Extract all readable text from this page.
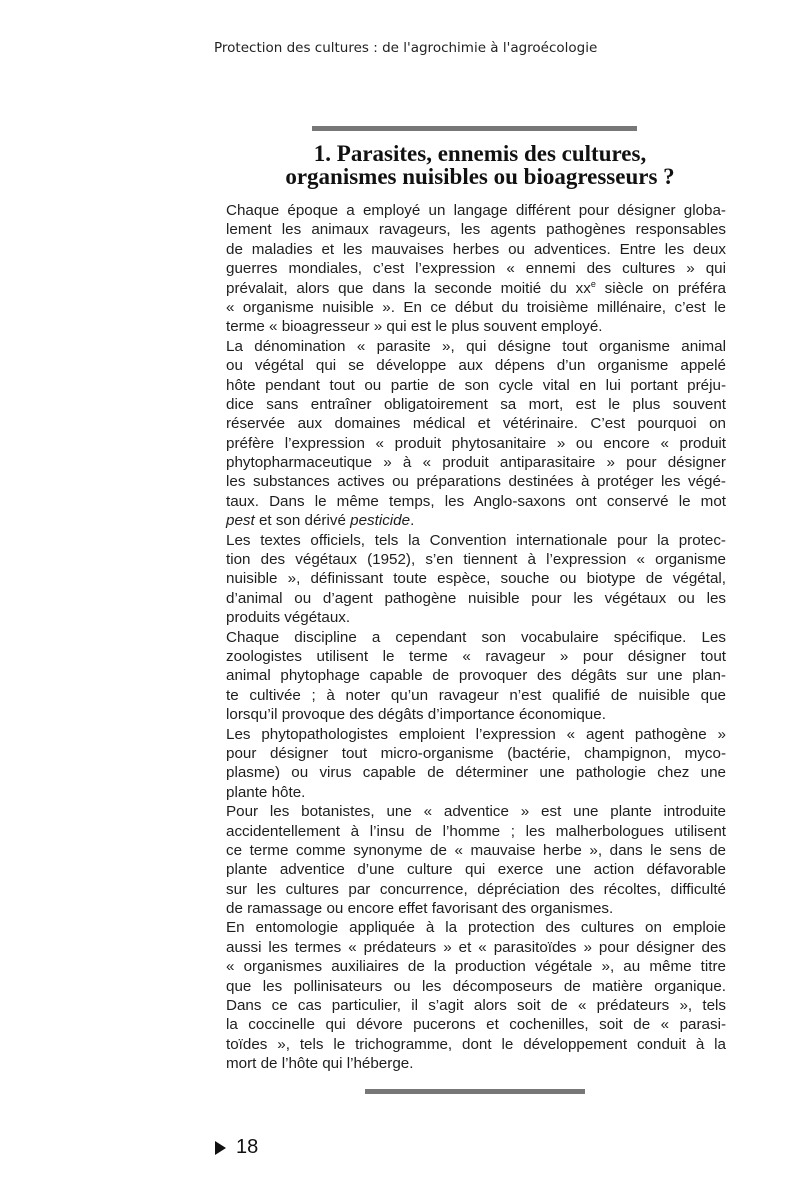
Protection des cultures : de l'agrochimie à l'agroécologie
1. Parasites, ennemis des cultures,
organismes nuisibles ou bioagresseurs ?
Chaque époque a employé un langage différent pour désigner globa-
lement les animaux ravageurs, les agents pathogènes responsables
de maladies et les mauvaises herbes ou adventices. Entre les deux
guerres mondiales, c’est l’expression « ennemi des cultures » qui
prévalait, alors que dans la seconde moitié du $xx^e$ siècle on préféra
« organisme nuisible ». En ce début du troisième millénaire, c’est le
terme « bioagresseur » qui est le plus souvent employé.
La dénomination « parasite », qui désigne tout organisme animal
ou végétal qui se développe aux dépens d’un organisme appelé
hôte pendant tout ou partie de son cycle vital en lui portant préju-
dice sans entraîner obligatoirement sa mort, est le plus souvent
réservée aux domaines médical et vétérinaire. C’est pourquoi on
préfère l’expression « produit phytosanitaire » ou encore « produit
phytopharmaceutique » à « produit antiparasitaire » pour désigner
les substances actives ou préparations destinées à protéger les végé-
taux. Dans le même temps, les Anglo-saxons ont conservé le mot
pest et son dérivé pesticide.
Les textes officiels, tels la Convention internationale pour la protec-
tion des végétaux (1952), s’en tiennent à l’expression « organisme
nuisible », définissant toute espèce, souche ou biotype de végétal,
d’animal ou d’agent pathogène nuisible pour les végétaux ou les
produits végétaux.
Chaque discipline a cependant son vocabulaire spécifique. Les
zoologistes utilisent le terme « ravageur » pour désigner tout
animal phytophage capable de provoquer des dégâts sur une plan-
te cultivée ; à noter qu’un ravageur n’est qualifié de nuisible que
lorsqu’il provoque des dégâts d’importance économique.
Les phytopathologistes emploient l’expression « agent pathogène »
pour désigner tout micro-organisme (bactérie, champignon, myco-
plasme) ou virus capable de déterminer une pathologie chez une
plante hôte.
Pour les botanistes, une « adventice » est une plante introduite
accidentellement à l’insu de l’homme ; les malherbologues utilisent
ce terme comme synonyme de « mauvaise herbe », dans le sens de
plante adventice d’une culture qui exerce une action défavorable
sur les cultures par concurrence, dépréciation des récoltes, difficulté
de ramassage ou encore effet favorisant des organismes.
En entomologie appliquée à la protection des cultures on emploie
aussi les termes « prédateurs » et « parasitoïdes » pour désigner des
« organismes auxiliaires de la production végétale », au même titre
que les pollinisateurs ou les décomposeurs de matière organique.
Dans ce cas particulier, il s’agit alors soit de « prédateurs », tels
la coccinelle qui dévore pucerons et cochenilles, soit de « parasi-
toïdes », tels le trichogramme, dont le développement conduit à la
mort de l’hôte qui l’héberge.
18
